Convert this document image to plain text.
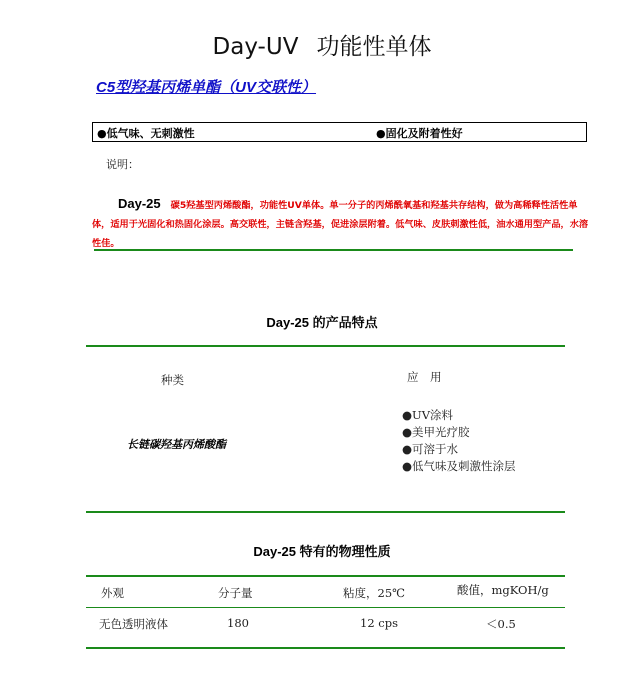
Day-UV 功能性单体
C5型羟基丙烯单酯（UV交联性）
●低气味、无刺激性	●固化及附着性好
说明：
Day-25 碳5羟基型丙烯酸酯，功能性UV单体。单一分子的丙烯酰氧基和羟基共存结构，做为高稀释性活性单体，适用于光固化和热固化涂层。高交联性，主链含羟基，促进涂层附着。低气味、皮肤刺激性低，油水通用型产品，水溶性佳。
Day-25 的产品特点
种类	应　用
长链碳羟基丙烯酸酯
●UV涂料
●美甲光疗胶
●可溶于水
●低气味及刺激性涂层
Day-25 特有的物理性质
外观	分子量	粘度，25℃	酸值，mgKOH/g
无色透明液体	180	12 cps	＜0.5
